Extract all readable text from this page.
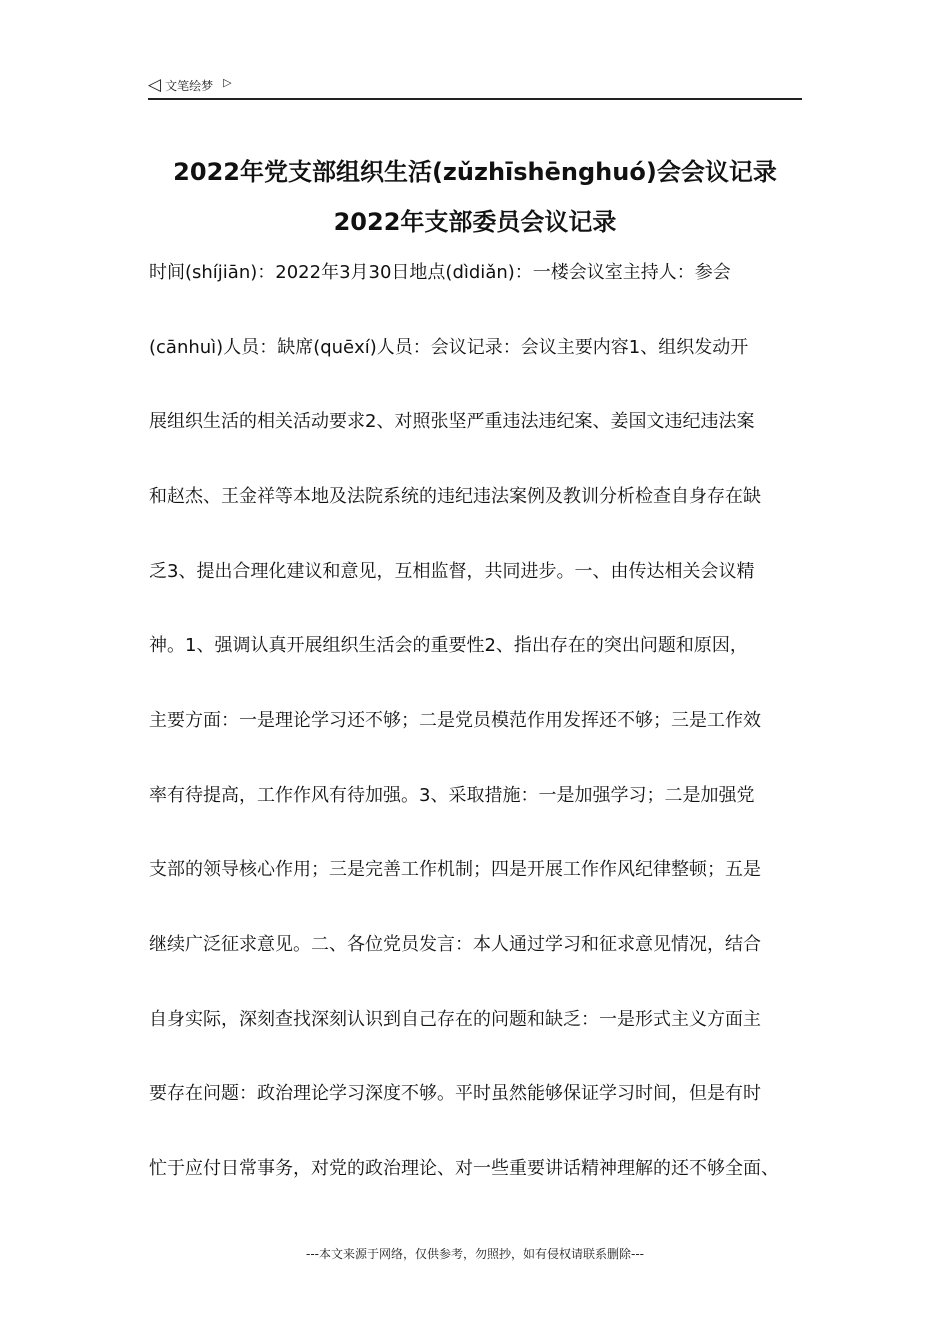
◁ 文笔绘梦 ▷
2022年党支部组织生活(zǔzhīshēnghuó)会会议记录
2022年支部委员会议记录
时间(shíjiān)：2022年3月30日地点(dìdiǎn)：一楼会议室主持人：参会
(cānhuì)人员：缺席(quēxí)人员：会议记录：会议主要内容1、组织发动开
展组织生活的相关活动要求2、对照张坚严重违法违纪案、姜国文违纪违法案
和赵杰、王金祥等本地及法院系统的违纪违法案例及教训分析检查自身存在缺
乏3、提出合理化建议和意见，互相监督，共同进步。一、由传达相关会议精
神。1、强调认真开展组织生活会的重要性2、指出存在的突出问题和原因，
主要方面：一是理论学习还不够；二是党员模范作用发挥还不够；三是工作效
率有待提高，工作作风有待加强。3、采取措施：一是加强学习；二是加强党
支部的领导核心作用；三是完善工作机制；四是开展工作作风纪律整顿；五是
继续广泛征求意见。二、各位党员发言：本人通过学习和征求意见情况，结合
自身实际，深刻查找深刻认识到自己存在的问题和缺乏：一是形式主义方面主
要存在问题：政治理论学习深度不够。平时虽然能够保证学习时间，但是有时
忙于应付日常事务，对党的政治理论、对一些重要讲话精神理解的还不够全面、
---本文来源于网络，仅供参考，勿照抄，如有侵权请联系删除---
